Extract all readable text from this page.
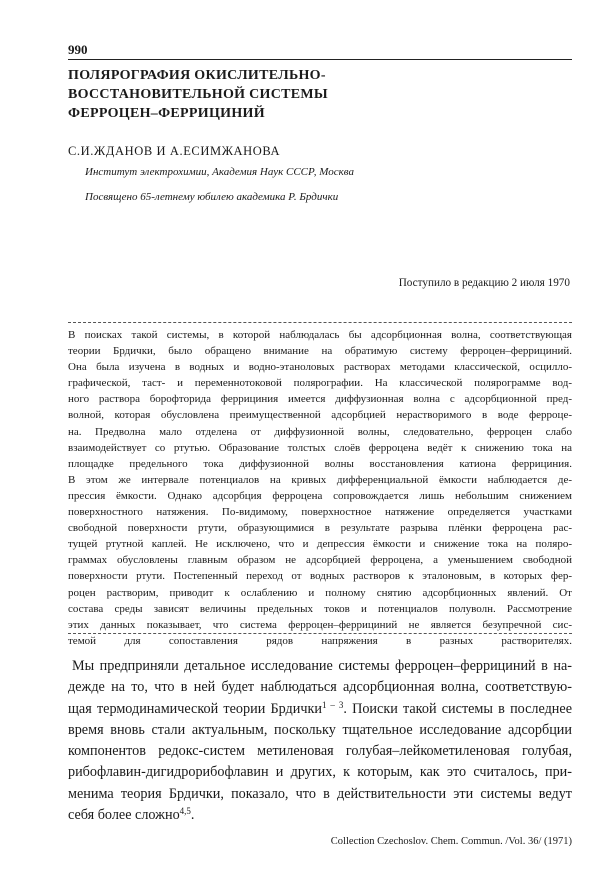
990
ПОЛЯРОГРАФИЯ ОКИСЛИТЕЛЬНО-
ВОССТАНОВИТЕЛЬНОЙ СИСТЕМЫ
ФЕРРОЦЕН–ФЕРРИЦИНИЙ
С.И.ЖДАНОВ И А.ЕСИМЖАНОВА
Институт электрохимии, Академия Наук СССР, Москва
Посвящено 65-летнему юбилею академика Р. Брдички
Поступило в редакцию 2 июля 1970
В поисках такой системы, в которой наблюдалась бы адсорбционная волна, соответствующая
теории Брдички, было обращено внимание на обратимую систему ферроцен–феррициний.
Она была изучена в водных и водно-этаноловых растворах методами классической, осцилло-
графической, таст- и переменнотоковой полярографии. На классической полярограмме вод-
ного раствора борофторида феррициния имеется диффузионная волна с адсорбционной пред-
волной, которая обусловлена преимущественной адсорбцией нерастворимого в воде ферроце-
на. Предволна мало отделена от диффузионной волны, следовательно, ферроцен слабо
взаимодействует со ртутью. Образование толстых слоёв ферроцена ведёт к снижению тока на
площадке предельного тока диффузионной волны восстановления катиона феррициния.
В этом же интервале потенциалов на кривых дифференциальной ёмкости наблюдается де-
прессия ёмкости. Однако адсорбция ферроцена сопровождается лишь небольшим снижением
поверхностного натяжения. По-видимому, поверхностное натяжение определяется участками
свободной поверхности ртути, образующимися в результате разрыва плёнки ферроцена рас-
тущей ртутной каплей. Не исключено, что и депрессия ёмкости и снижение тока на поляро-
граммах обусловлены главным образом не адсорбцией ферроцена, а уменьшением свободной
поверхности ртути. Постепенный переход от водных растворов к эталоновым, в которых фер-
роцен растворим, приводит к ослаблению и полному снятию адсорбционных явлений. От
состава среды зависят величины предельных токов и потенциалов полуволн. Рассмотрение
этих данных показывает, что система ферроцен–феррициний не является безупречной сис-
темой для сопоставления рядов напряжения в разных растворителях.
Мы предприняли детальное исследование системы ферроцен–феррициний в на-
дежде на то, что в ней будет наблюдаться адсорбционная волна, соответствую-
щая термодинамической теории Брдички$^{1 - 3}$. Поиски такой системы в последнее
время вновь стали актуальным, поскольку тщательное исследование адсорбции
компонентов редокс-систем метиленовая голубая–лейкометиленовая голубая,
рибофлавин-дигидрорибофлавин и других, к которым, как это считалось, при-
менима теория Брдички, показало, что в действительности эти системы ведут
себя более сложно$^{4,5}$.
Collection Czechoslov. Chem. Commun. /Vol. 36/ (1971)
